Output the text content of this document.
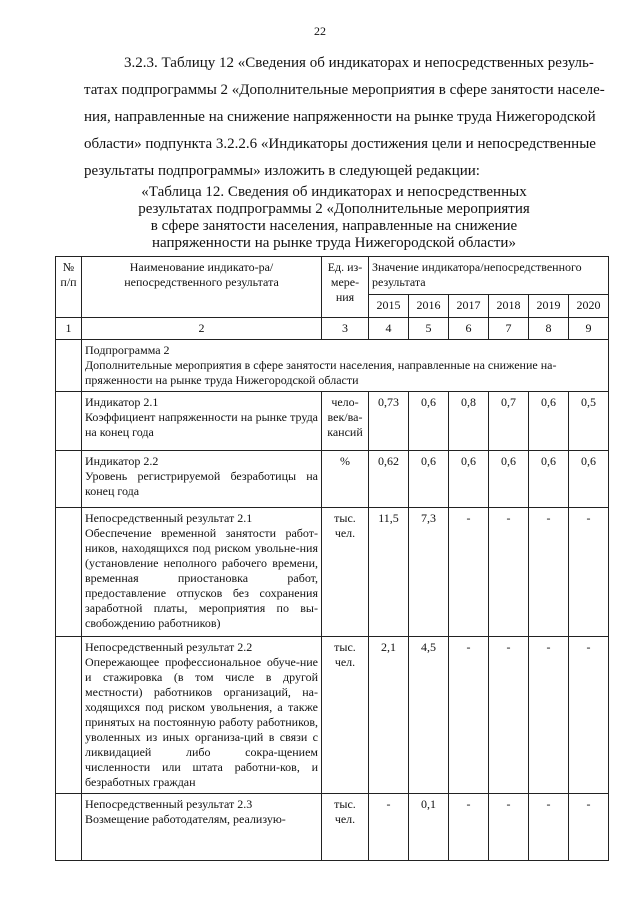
22
3.2.3. Таблицу 12 «Сведения об индикаторах и непосредственных резуль-
татах подпрограммы 2 «Дополнительные мероприятия в сфере занятости населе-
ния, направленные на снижение напряженности на рынке труда Нижегородской
области» подпункта 3.2.2.6 «Индикаторы достижения цели и непосредственные
результаты подпрограммы» изложить в следующей редакции:
«Таблица 12. Сведения об индикаторах и непосредственных
результатах подпрограммы 2 «Дополнительные мероприятия
в сфере занятости населения, направленные на снижение
напряженности на рынке труда Нижегородской области»
№ п/п	Наименование индикато-ра/непосредственного результата	Ед. из-мере-ния	Значение индикатора/непосредственного результата					
			2015	2016	2017	2018	2019	2020
1	2	3	4	5	6	7	8	9

	Подпрограмма 2
Дополнительные мероприятия в сфере занятости населения, направленные на снижение на-пряженности на рынке труда Нижегородской области							

	Индикатор 2.1
Коэффициент напряженности на рынке труда на конец года	чело-век/ва-кансий	0,73	0,6	0,8	0,7	0,6	0,5

	Индикатор 2.2
Уровень регистрируемой безработицы на конец года	%	0,62	0,6	0,6	0,6	0,6	0,6

	Непосредственный результат 2.1
Обеспечение временной занятости работ-ников, находящихся под риском увольне-ния (установление неполного рабочего времени, временная приостановка работ, предоставление отпусков без сохранения заработной платы, мероприятия по вы-свобождению работников)	тыс. чел.	11,5	7,3	-	-	-	-

	Непосредственный результат 2.2
Опережающее профессиональное обуче-ние и стажировка (в том числе в другой местности) работников организаций, на-ходящихся под риском увольнения, а также принятых на постоянную работу работников, уволенных из иных организа-ций в связи с ликвидацией либо сокра-щением численности или штата работни-ков, и безработных граждан	тыс. чел.	2,1	4,5	-	-	-	-

	Непосредственный результат 2.3
Возмещение работодателям, реализую-	тыс. чел.	-	0,1	-	-	-	-
